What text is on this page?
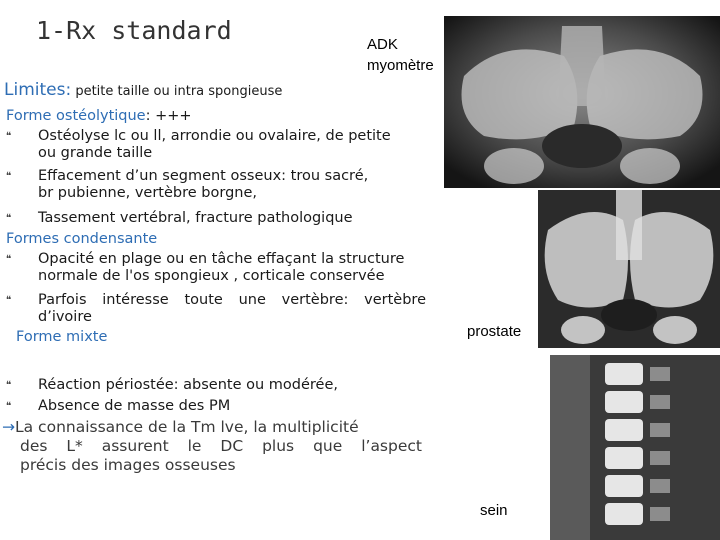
1-Rx standard	ADK
myomètre
Limites: petite taille ou intra spongieuse
Forme ostéolytique: +++
❝ Ostéolyse lc ou ll, arrondie ou ovalaire, de petite
ou grande taille
❝ Effacement d’un segment osseux: trou sacré,
br pubienne, vertèbre borgne,
❝ Tassement vertébral, fracture pathologique
Formes condensante
❝ Opacité en plage ou en tâche effaçant la structure
normale de l'os spongieux , corticale conservée
❝ Parfois intéresse toute une vertèbre: vertèbre
d’ivoire
Forme mixte
❝ Réaction périostée: absente ou modérée,
❝ Absence de masse des PM
→La connaissance de la Tm lve, la multiplicité
des L* assurent le DC plus que l’aspect
précis des images osseuses
prostate
sein
